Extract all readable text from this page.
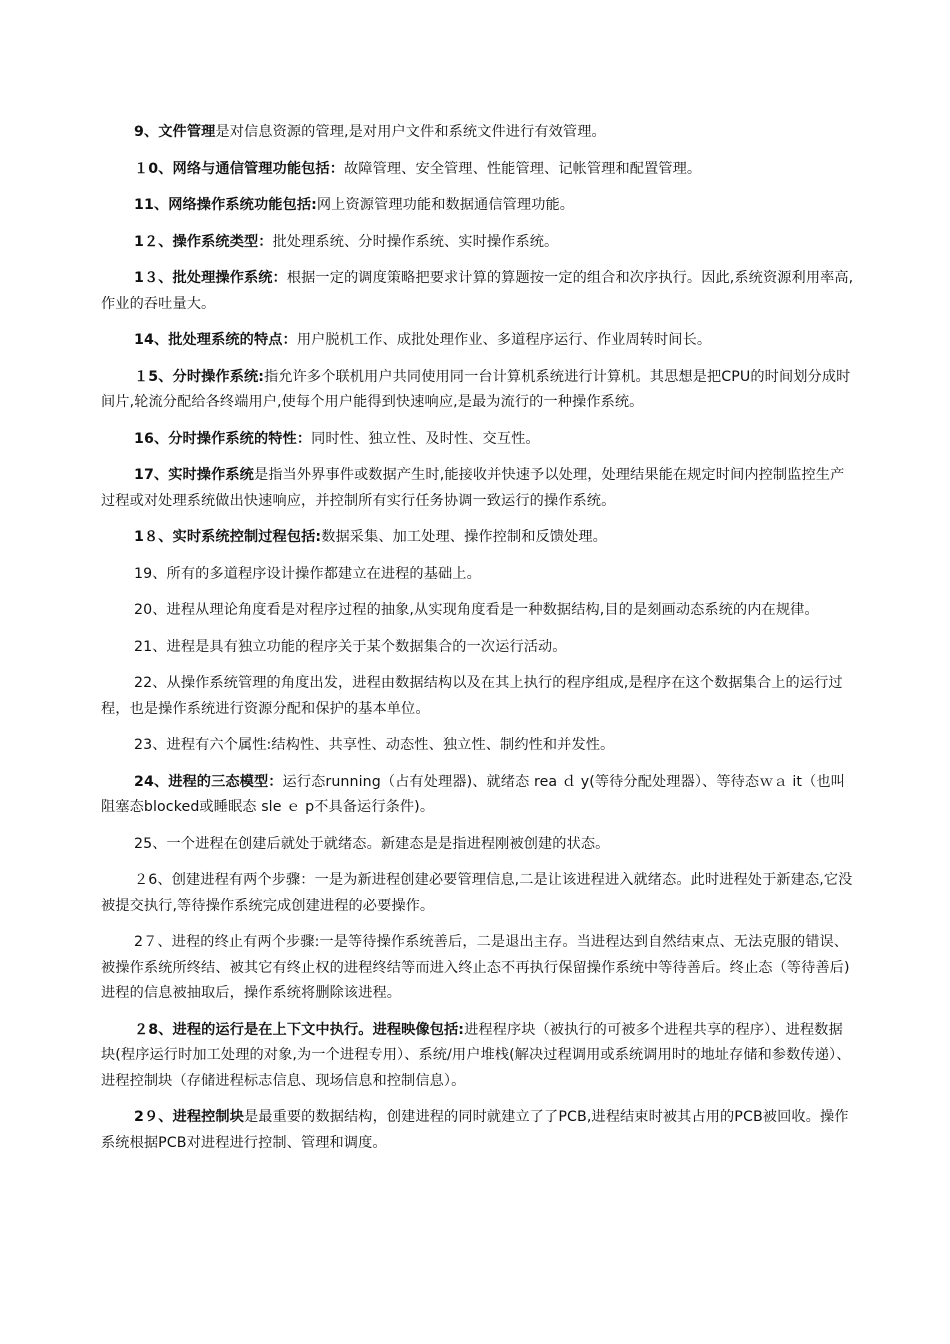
9、文件管理是对信息资源的管理,是对用户文件和系统文件进行有效管理。

１0、网络与通信管理功能包括：故障管理、安全管理、性能管理、记帐管理和配置管理。

11、网络操作系统功能包括:网上资源管理功能和数据通信管理功能。

1２、操作系统类型：批处理系统、分时操作系统、实时操作系统。

1３、批处理操作系统：根据一定的调度策略把要求计算的算题按一定的组合和次序执行。因此,系统资源利用率高,作业的吞吐量大。

14、批处理系统的特点：用户脱机工作、成批处理作业、多道程序运行、作业周转时间长。

１5、分时操作系统:指允许多个联机用户共同使用同一台计算机系统进行计算机。其思想是把CPU的时间划分成时间片,轮流分配给各终端用户,使每个用户能得到快速响应,是最为流行的一种操作系统。

16、分时操作系统的特性：同时性、独立性、及时性、交互性。

17、实时操作系统是指当外界事件或数据产生时,能接收并快速予以处理，处理结果能在规定时间内控制监控生产过程或对处理系统做出快速响应，并控制所有实行任务协调一致运行的操作系统。

1８、实时系统控制过程包括:数据采集、加工处理、操作控制和反馈处理。

19、所有的多道程序设计操作都建立在进程的基础上。

20、进程从理论角度看是对程序过程的抽象,从实现角度看是一种数据结构,目的是刻画动态系统的内在规律。

21、进程是具有独立功能的程序关于某个数据集合的一次运行活动。

22、从操作系统管理的角度出发，进程由数据结构以及在其上执行的程序组成,是程序在这个数据集合上的运行过程，也是操作系统进行资源分配和保护的基本单位。

23、进程有六个属性:结构性、共享性、动态性、独立性、制约性和并发性。

24、进程的三态模型：运行态running（占有处理器)、就绪态 rea ｄ y(等待分配处理器）、等待态ｗａ it（也叫阻塞态blocked或睡眠态 sle ｅ p不具备运行条件)。

25、一个进程在创建后就处于就绪态。新建态是是指进程刚被创建的状态。

２6、创建进程有两个步骤：一是为新进程创建必要管理信息,二是让该进程进入就绪态。此时进程处于新建态,它没被提交执行,等待操作系统完成创建进程的必要操作。

2７、进程的终止有两个步骤:一是等待操作系统善后，二是退出主存。当进程达到自然结束点、无法克服的错误、被操作系统所终结、被其它有终止权的进程终结等而进入终止态不再执行保留操作系统中等待善后。终止态（等待善后)进程的信息被抽取后，操作系统将删除该进程。

２8、进程的运行是在上下文中执行。进程映像包括:进程程序块（被执行的可被多个进程共享的程序）、进程数据块(程序运行时加工处理的对象,为一个进程专用）、系统/用户堆栈(解决过程调用或系统调用时的地址存储和参数传递）、进程控制块（存储进程标志信息、现场信息和控制信息）。

2９、进程控制块是最重要的数据结构，创建进程的同时就建立了了PCB,进程结束时被其占用的PCB被回收。操作系统根据PCB对进程进行控制、管理和调度。
